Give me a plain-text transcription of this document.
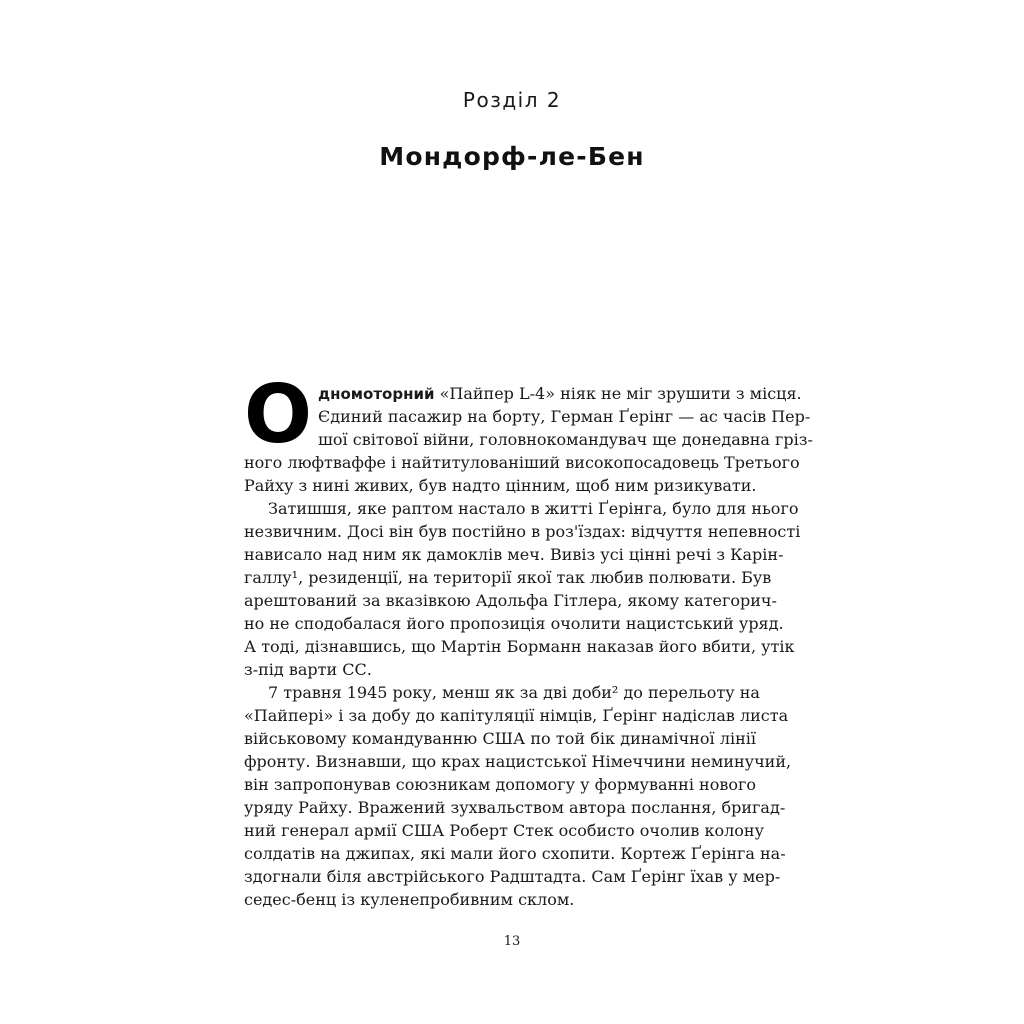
Розділ 2
Мондорф-ле-Бен
О дномоторний «Пайпер L-4» ніяк не міг зрушити з місця.
Єдиний пасажир на борту, Герман Ґерінг — ас часів Пер-
шої світової війни, головнокомандувач ще донедавна гріз-
ного люфтваффе і найтитулованіший високопосадовець Третього
Райху з нині живих, був надто цінним, щоб ним ризикувати.
Затишшя, яке раптом настало в житті Ґерінга, було для нього
незвичним. Досі він був постійно в роз'їздах: відчуття непевності
нависало над ним як дамоклів меч. Вивіз усі цінні речі з Карін-
галлу¹, резиденції, на території якої так любив полювати. Був
арештований за вказівкою Адольфа Гітлера, якому категорич-
но не сподобалася його пропозиція очолити нацистський уряд.
А тоді, дізнавшись, що Мартін Борманн наказав його вбити, утік
з-під варти СС.
7 травня 1945 року, менш як за дві доби² до перельоту на
«Пайпері» і за добу до капітуляції німців, Ґерінг надіслав листа
військовому командуванню США по той бік динамічної лінії
фронту. Визнавши, що крах нацистської Німеччини неминучий,
він запропонував союзникам допомогу у формуванні нового
уряду Райху. Вражений зухвальством автора послання, бригад-
ний генерал армії США Роберт Стек особисто очолив колону
солдатів на джипах, які мали його схопити. Кортеж Ґерінга на-
здогнали біля австрійського Радштадта. Сам Ґерінг їхав у мер-
седес-бенц із куленепробивним склом.
13
